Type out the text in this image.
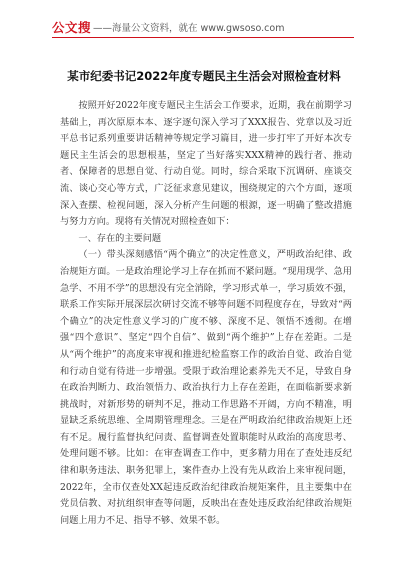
公文搜 ——海量公文资料，就在 www.gwsoso.com
某市纪委书记2022年度专题民主生活会对照检查材料

按照开好2022年度专题民主生活会工作要求，近期，我在前期学习基础上，再次原原本本、逐字逐句深入学习了XXX报告、党章以及习近平总书记系列重要讲话精神等规定学习篇目，进一步打牢了开好本次专题民主生活会的思想根基，坚定了当好落实XXX精神的践行者、推动者、保障者的思想自觉、行动自觉。同时，综合采取下沉调研、座谈交流、谈心交心等方式，广泛征求意见建议，围绕规定的六个方面，逐项深入查摆、检视问题，深入分析产生问题的根源，逐一明确了整改措施与努力方向。现将有关情况对照检查如下：

一、存在的主要问题

（一）带头深刻感悟“两个确立”的决定性意义，严明政治纪律、政治规矩方面。一是政治理论学习上存在抓而不紧问题。“现用现学、急用急学、不用不学”的思想没有完全消除，学习形式单一，学习质效不强，联系工作实际开展深层次研讨交流不够等问题不同程度存在，导致对“两个确立”的决定性意义学习的广度不够、深度不足、领悟不透彻。在增强“四个意识”、坚定“四个自信”、做到“两个维护”上存在差距。二是从“两个维护”的高度来审视和推进纪检监察工作的政治自觉、政治自觉和行动自觉有待进一步增强。受限于政治理论素养先天不足，导致自身在政治判断力、政治领悟力、政治执行力上存在差距，在面临新要求新挑战时，对新形势的研判不足，推动工作思路不开阔，方向不精准，明显缺乏系统思维、全周期管理理念。三是在严明政治纪律政治规矩上还有不足。履行监督执纪问责、监督调查处置职能时从政治的高度思考、处理问题不够。比如：在审查调查工作中，更多精力用在了查处违反纪律和职务违法、职务犯罪上，案件查办上没有先从政治上来审视问题，2022年，全市仅查处XX起违反政治纪律政治规矩案件，且主要集中在党员信教、对抗组织审查等问题，反映出在查处违反政治纪律政治规矩问题上用力不足、指导不够、效果不彰。
